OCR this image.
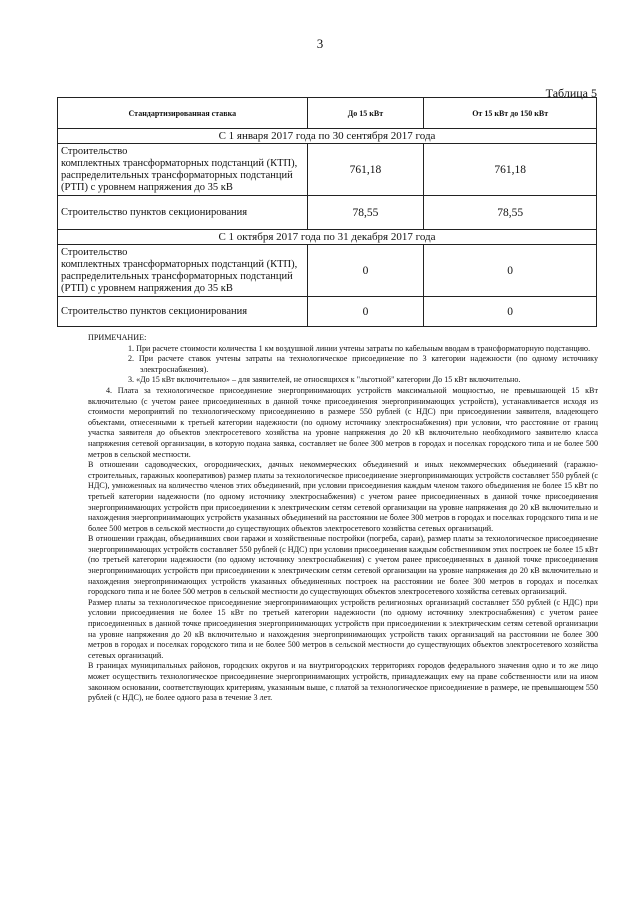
3
Таблица 5
Стандартизированная ставка	До 15 кВт	От 15 кВт до 150 кВт
С 1 января 2017 года по 30 сентября 2017 года		
Строительство
комплектных трансформаторных подстанций (КТП), распределительных трансформаторных подстанций (РТП) с уровнем напряжения до 35 кВ	761,18	761,18
Строительство пунктов секционирования	78,55	78,55
С 1 октября 2017 года по 31 декабря 2017 года		
Строительство
комплектных трансформаторных подстанций (КТП), распределительных трансформаторных подстанций (РТП) с уровнем напряжения до 35 кВ	0	0
Строительство пунктов секционирования	0	0

ПРИМЕЧАНИЕ:

1. При расчете стоимости количества 1 км воздушной линии учтены затраты по кабельным вводам в трансформаторную подстанцию.

2. При расчете ставок учтены затраты на технологическое присоединение по 3 категории надежности (по одному источнику электроснабжения).

3. «До 15 кВт включительно» – для заявителей, не относящихся к "льготной" категории До 15 кВт включительно.

4. Плата за технологическое присоединение энергопринимающих устройств максимальной мощностью, не превышающей 15 кВт включительно (с учетом ранее присоединенных в данной точке присоединения энергопринимающих устройств), устанавливается исходя из стоимости мероприятий по технологическому присоединению в размере 550 рублей (с НДС) при присоединении заявителя, владеющего объектами, отнесенными к третьей категории надежности (по одному источнику электроснабжения) при условии, что расстояние от границ участка заявителя до объектов электросетевого хозяйства на уровне напряжения до 20 кВ включительно необходимого заявителю класса напряжения сетевой организации, в которую подана заявка, составляет не более 300 метров в городах и поселках городского типа и не более 500 метров в сельской местности.

В отношении садоводческих, огороднических, дачных некоммерческих объединений и иных некоммерческих объединений (гаражно-строительных, гаражных кооперативов) размер платы за технологическое присоединение энергопринимающих устройств составляет 550 рублей (с НДС), умноженных на количество членов этих объединений, при условии присоединения каждым членом такого объединения не более 15 кВт по третьей категории надежности (по одному источнику электроснабжения) с учетом ранее присоединенных в данной точке присоединения энергопринимающих устройств при присоединении к электрическим сетям сетевой организации на уровне напряжения до 20 кВ включительно и нахождения энергопринимающих устройств указанных объединений на расстоянии не более 300 метров в городах и поселках городского типа и не более 500 метров в сельской местности до существующих объектов электросетевого хозяйства сетевых организаций.

В отношении граждан, объединивших свои гаражи и хозяйственные постройки (погреба, сараи), размер платы за технологическое присоединение энергопринимающих устройств составляет 550 рублей (с НДС) при условии присоединения каждым собственником этих построек не более 15 кВт (по третьей категории надежности (по одному источнику электроснабжения) с учетом ранее присоединенных в данной точке присоединения энергопринимающих устройств при присоединении к электрическим сетям сетевой организации на уровне напряжения до 20 кВ включительно и нахождения энергопринимающих устройств указанных объединенных построек на расстоянии не более 300 метров в городах и поселках городского типа и не более 500 метров в сельской местности до существующих объектов электросетевого хозяйства сетевых организаций.

Размер платы за технологическое присоединение энергопринимающих устройств религиозных организаций составляет 550 рублей (с НДС) при условии присоединения не более 15 кВт по третьей категории надежности (по одному источнику электроснабжения) с учетом ранее присоединенных в данной точке присоединения энергопринимающих устройств при присоединении к электрическим сетям сетевой организации на уровне напряжения до 20 кВ включительно и нахождения энергопринимающих устройств таких организаций на расстоянии не более 300 метров в городах и поселках городского типа и не более 500 метров в сельской местности до существующих объектов электросетевого хозяйства сетевых организаций.

В границах муниципальных районов, городских округов и на внутригородских территориях городов федерального значения одно и то же лицо может осуществить технологическое присоединение энергопринимающих устройств, принадлежащих ему на праве собственности или на ином законном основании, соответствующих критериям, указанным выше, с платой за технологическое присоединение в размере, не превышающем 550 рублей (с НДС), не более одного раза в течение 3 лет.
